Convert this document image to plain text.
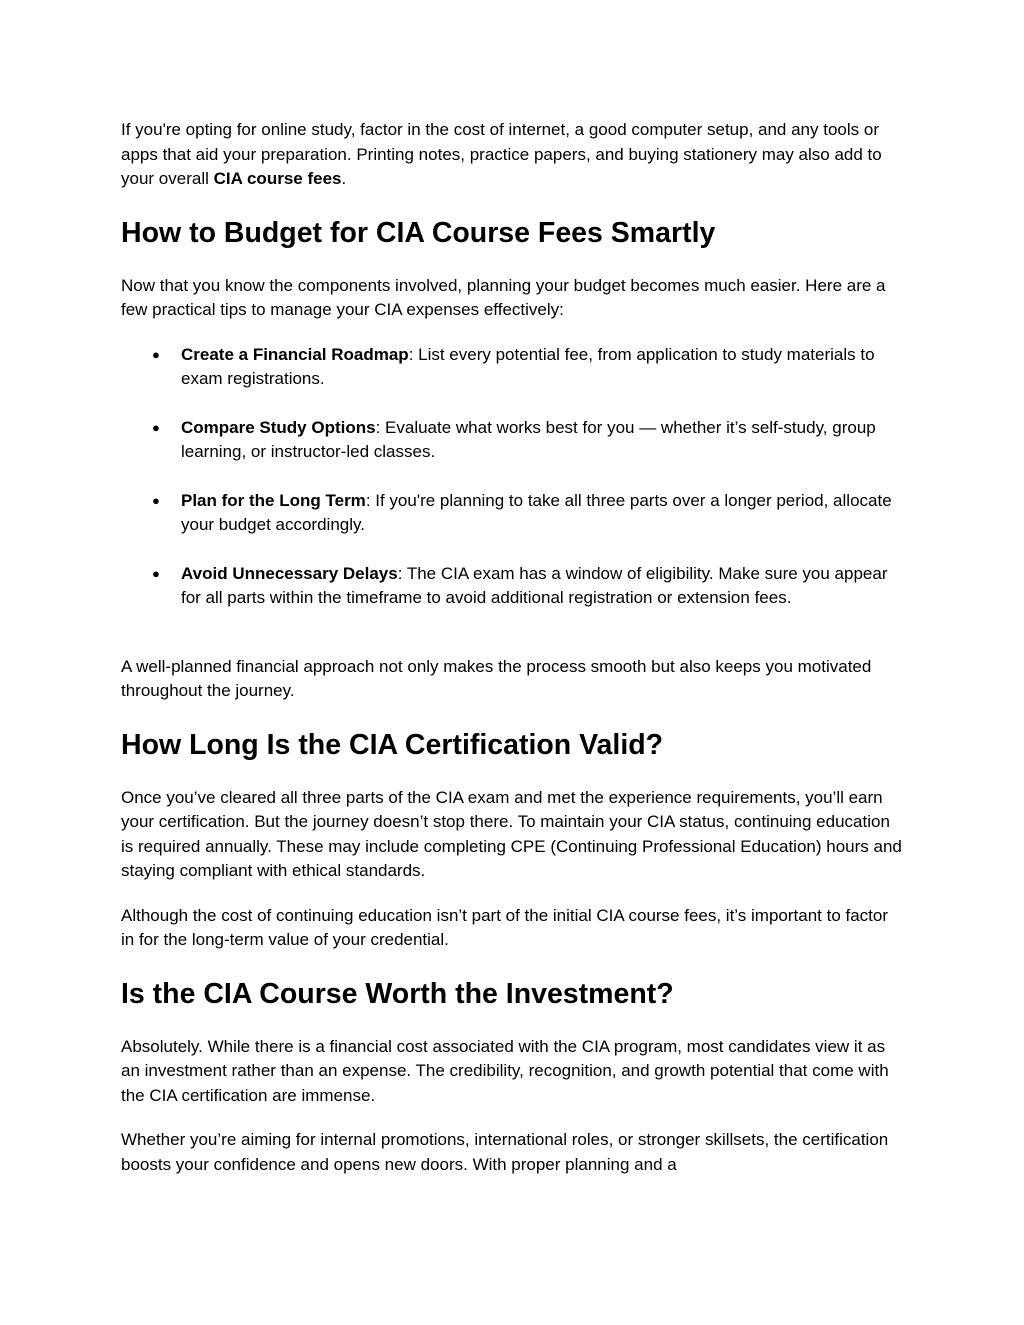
If you're opting for online study, factor in the cost of internet, a good computer setup, and any tools or apps that aid your preparation. Printing notes, practice papers, and buying stationery may also add to your overall CIA course fees.

How to Budget for CIA Course Fees Smartly

Now that you know the components involved, planning your budget becomes much easier. Here are a few practical tips to manage your CIA expenses effectively:

● Create a Financial Roadmap: List every potential fee, from application to study materials to exam registrations.
● Compare Study Options: Evaluate what works best for you — whether it’s self-study, group learning, or instructor-led classes.
● Plan for the Long Term: If you're planning to take all three parts over a longer period, allocate your budget accordingly.
● Avoid Unnecessary Delays: The CIA exam has a window of eligibility. Make sure you appear for all parts within the timeframe to avoid additional registration or extension fees.

A well-planned financial approach not only makes the process smooth but also keeps you motivated throughout the journey.

How Long Is the CIA Certification Valid?

Once you’ve cleared all three parts of the CIA exam and met the experience requirements, you’ll earn your certification. But the journey doesn’t stop there. To maintain your CIA status, continuing education is required annually. These may include completing CPE (Continuing Professional Education) hours and staying compliant with ethical standards.

Although the cost of continuing education isn’t part of the initial CIA course fees, it’s important to factor in for the long-term value of your credential.

Is the CIA Course Worth the Investment?

Absolutely. While there is a financial cost associated with the CIA program, most candidates view it as an investment rather than an expense. The credibility, recognition, and growth potential that come with the CIA certification are immense.

Whether you’re aiming for internal promotions, international roles, or stronger skillsets, the certification boosts your confidence and opens new doors. With proper planning and a
